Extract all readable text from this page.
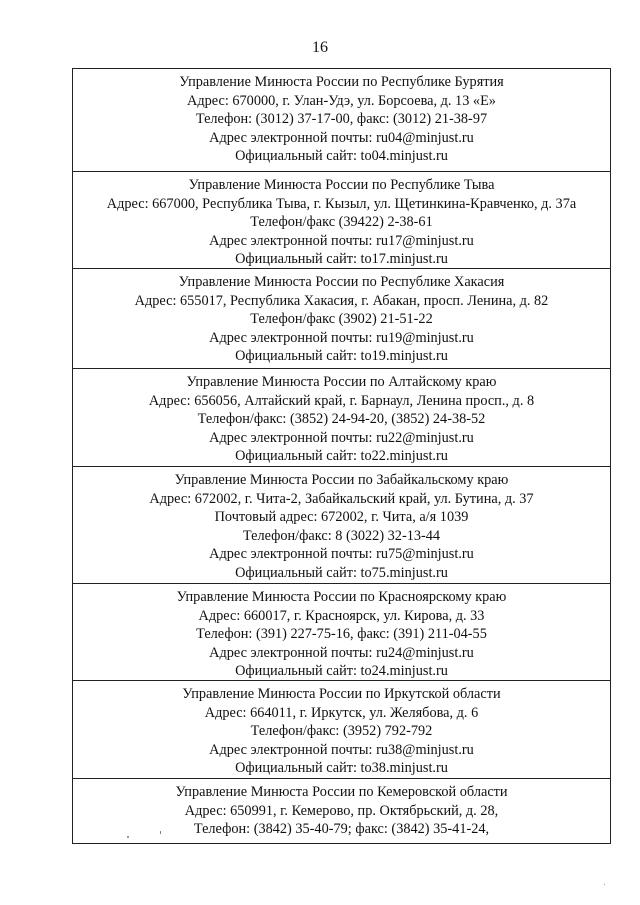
16
Управление Минюста России по Республике Бурятия
Адрес: 670000, г. Улан-Удэ, ул. Борсоева, д. 13 «Е»
Телефон: (3012) 37-17-00, факс: (3012) 21-38-97
Адрес электронной почты: ru04@minjust.ru
Официальный сайт: to04.minjust.ru
Управление Минюста России по Республике Тыва
Адрес: 667000, Республика Тыва, г. Кызыл, ул. Щетинкина-Кравченко, д. 37а
Телефон/факс (39422) 2-38-61
Адрес электронной почты: ru17@minjust.ru
Официальный сайт: to17.minjust.ru
Управление Минюста России по Республике Хакасия
Адрес: 655017, Республика Хакасия, г. Абакан, просп. Ленина, д. 82
Телефон/факс (3902) 21-51-22
Адрес электронной почты: ru19@minjust.ru
Официальный сайт: to19.minjust.ru
Управление Минюста России по Алтайскому краю
Адрес: 656056, Алтайский край, г. Барнаул, Ленина просп., д. 8
Телефон/факс: (3852) 24-94-20, (3852) 24-38-52
Адрес электронной почты: ru22@minjust.ru
Официальный сайт: to22.minjust.ru
Управление Минюста России по Забайкальскому краю
Адрес: 672002, г. Чита-2, Забайкальский край, ул. Бутина, д. 37
Почтовый адрес: 672002, г. Чита, а/я 1039
Телефон/факс: 8 (3022) 32-13-44
Адрес электронной почты: ru75@minjust.ru
Официальный сайт: to75.minjust.ru
Управление Минюста России по Красноярскому краю
Адрес: 660017, г. Красноярск, ул. Кирова, д. 33
Телефон: (391) 227-75-16, факс: (391) 211-04-55
Адрес электронной почты: ru24@minjust.ru
Официальный сайт: to24.minjust.ru
Управление Минюста России по Иркутской области
Адрес: 664011, г. Иркутск, ул. Желябова, д. 6
Телефон/факс: (3952) 792-792
Адрес электронной почты: ru38@minjust.ru
Официальный сайт: to38.minjust.ru
Управление Минюста России по Кемеровской области
Адрес: 650991, г. Кемерово, пр. Октябрьский, д. 28,
Телефон: (3842) 35-40-79; факс: (3842) 35-41-24,
